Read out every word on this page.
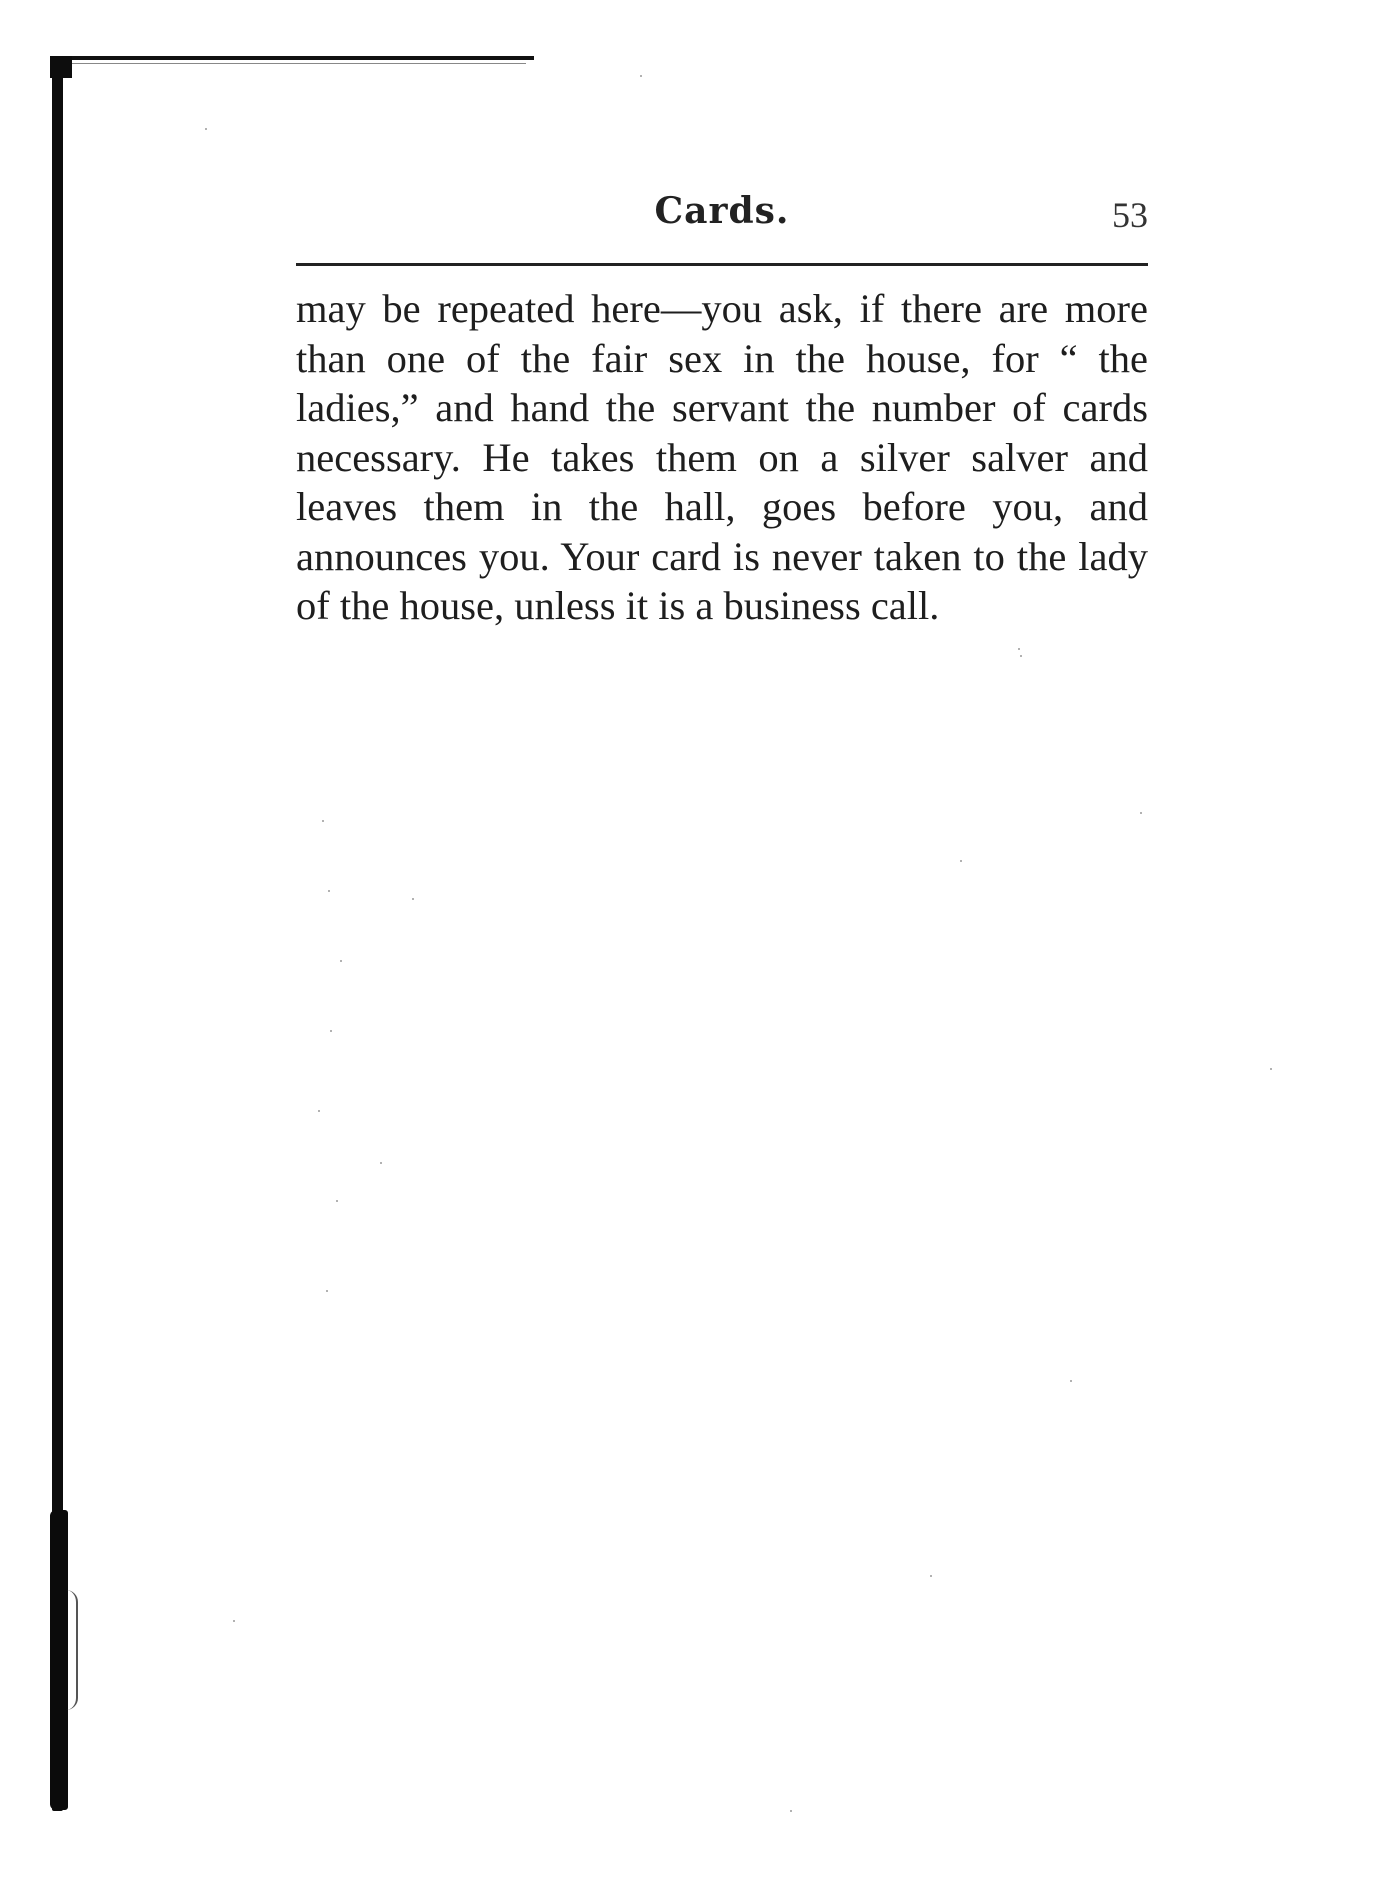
Cards.	53

may be repeated here—you ask, if there are more than one of the fair sex in the house, for “ the ladies,” and hand the servant the number of cards necessary. He takes them on a silver salver and leaves them in the hall, goes before you, and announces you. Your card is never taken to the lady of the house, unless it is a business call.
